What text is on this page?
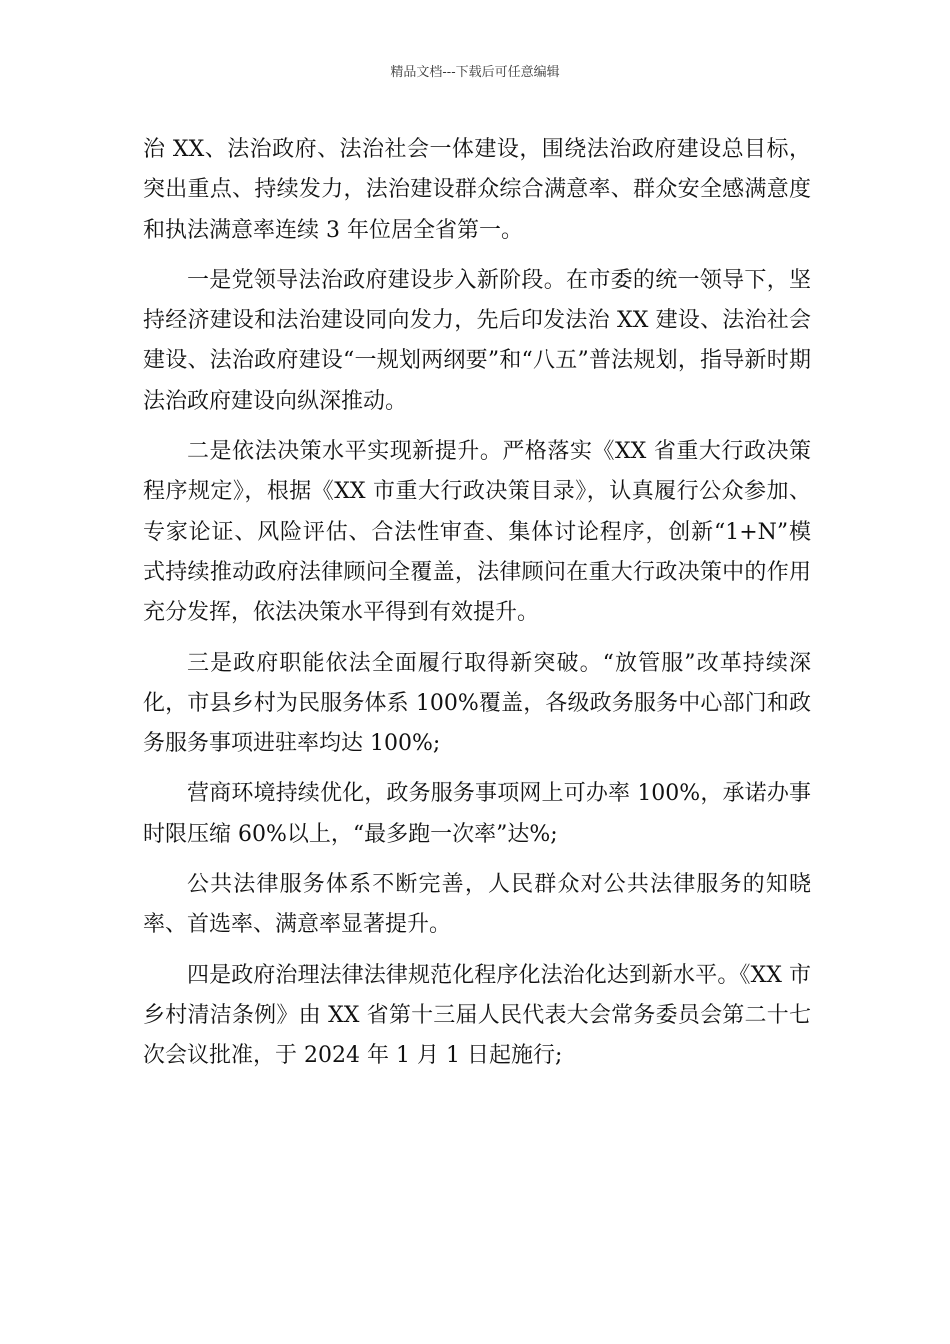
精品文档---下载后可任意编辑

治 XX、法治政府、法治社会一体建设，围绕法治政府建设总目标，突出重点、持续发力，法治建设群众综合满意率、群众安全感满意度和执法满意率连续 3 年位居全省第一。

一是党领导法治政府建设步入新阶段。在市委的统一领导下，坚持经济建设和法治建设同向发力，先后印发法治 XX 建设、法治社会建设、法治政府建设“一规划两纲要”和“八五”普法规划，指导新时期法治政府建设向纵深推动。

二是依法决策水平实现新提升。严格落实《XX 省重大行政决策程序规定》，根据《XX 市重大行政决策目录》，认真履行公众参加、专家论证、风险评估、合法性审查、集体讨论程序，创新“1+N”模式持续推动政府法律顾问全覆盖，法律顾问在重大行政决策中的作用充分发挥，依法决策水平得到有效提升。

三是政府职能依法全面履行取得新突破。“放管服”改革持续深化，市县乡村为民服务体系 100%覆盖，各级政务服务中心部门和政务服务事项进驻率均达 100%;

营商环境持续优化，政务服务事项网上可办率 100%，承诺办事时限压缩 60%以上，“最多跑一次率”达%;

公共法律服务体系不断完善，人民群众对公共法律服务的知晓率、首选率、满意率显著提升。

四是政府治理法律法律规范化程序化法治化达到新水平。《XX 市乡村清洁条例》由 XX 省第十三届人民代表大会常务委员会第二十七次会议批准，于 2024 年 1 月 1 日起施行;
